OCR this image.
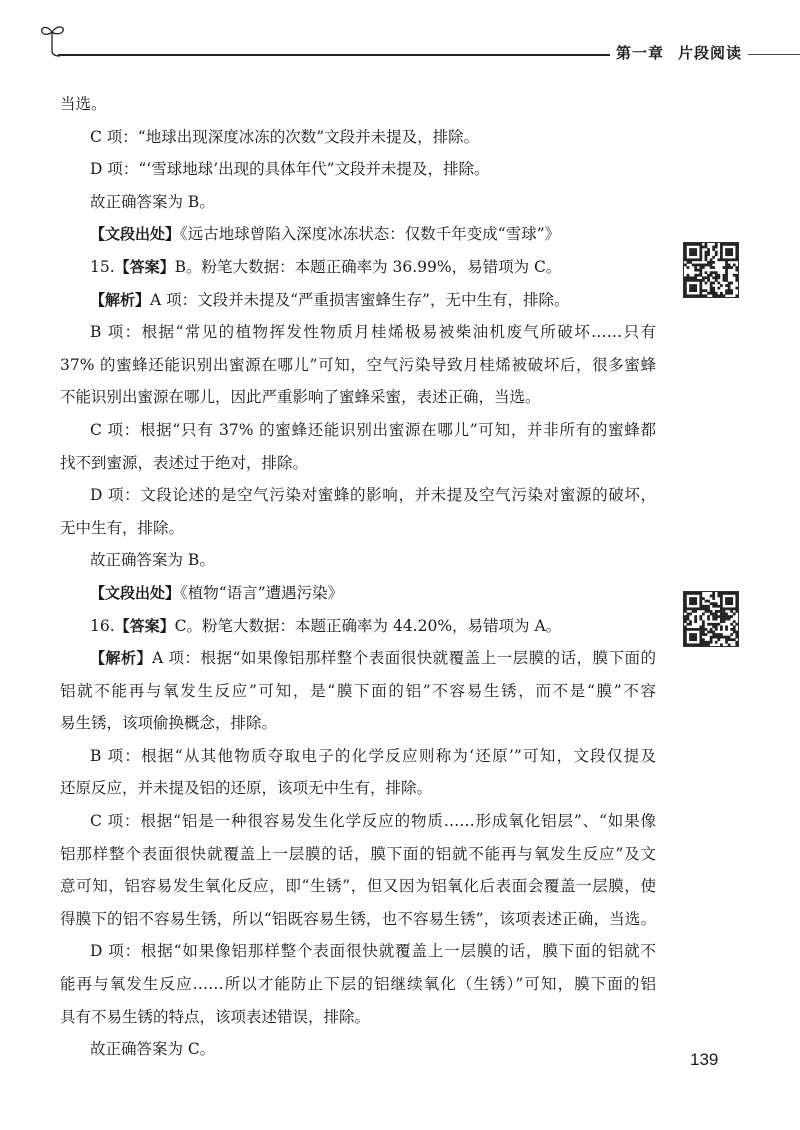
第一章 片段阅读
当选。
C 项：“地球出现深度冰冻的次数”文段并未提及，排除。
D 项：“‘雪球地球’出现的具体年代”文段并未提及，排除。
故正确答案为 B。
【文段出处】《远古地球曾陷入深度冰冻状态：仅数千年变成“雪球”》
15.【答案】B。粉笔大数据：本题正确率为 36.99%，易错项为 C。
【解析】A 项：文段并未提及“严重损害蜜蜂生存”，无中生有，排除。
B 项：根据“常见的植物挥发性物质月桂烯极易被柴油机废气所破坏……只有
37% 的蜜蜂还能识别出蜜源在哪儿”可知，空气污染导致月桂烯被破坏后，很多蜜蜂
不能识别出蜜源在哪儿，因此严重影响了蜜蜂采蜜，表述正确，当选。
C 项：根据“只有 37% 的蜜蜂还能识别出蜜源在哪儿”可知，并非所有的蜜蜂都
找不到蜜源，表述过于绝对，排除。
D 项：文段论述的是空气污染对蜜蜂的影响，并未提及空气污染对蜜源的破坏，
无中生有，排除。
故正确答案为 B。
【文段出处】《植物“语言”遭遇污染》
16.【答案】C。粉笔大数据：本题正确率为 44.20%，易错项为 A。
【解析】A 项：根据“如果像铝那样整个表面很快就覆盖上一层膜的话，膜下面的
铝就不能再与氧发生反应”可知，是“膜下面的铝”不容易生锈，而不是“膜”不容
易生锈，该项偷换概念，排除。
B 项：根据“从其他物质夺取电子的化学反应则称为‘还原’”可知，文段仅提及
还原反应，并未提及铝的还原，该项无中生有，排除。
C 项：根据“铝是一种很容易发生化学反应的物质……形成氧化铝层”、“如果像
铝那样整个表面很快就覆盖上一层膜的话，膜下面的铝就不能再与氧发生反应”及文
意可知，铝容易发生氧化反应，即“生锈”，但又因为铝氧化后表面会覆盖一层膜，使
得膜下的铝不容易生锈，所以“铝既容易生锈，也不容易生锈”，该项表述正确，当选。
D 项：根据“如果像铝那样整个表面很快就覆盖上一层膜的话，膜下面的铝就不
能再与氧发生反应……所以才能防止下层的铝继续氧化（生锈）”可知，膜下面的铝
具有不易生锈的特点，该项表述错误，排除。
故正确答案为 C。
139
